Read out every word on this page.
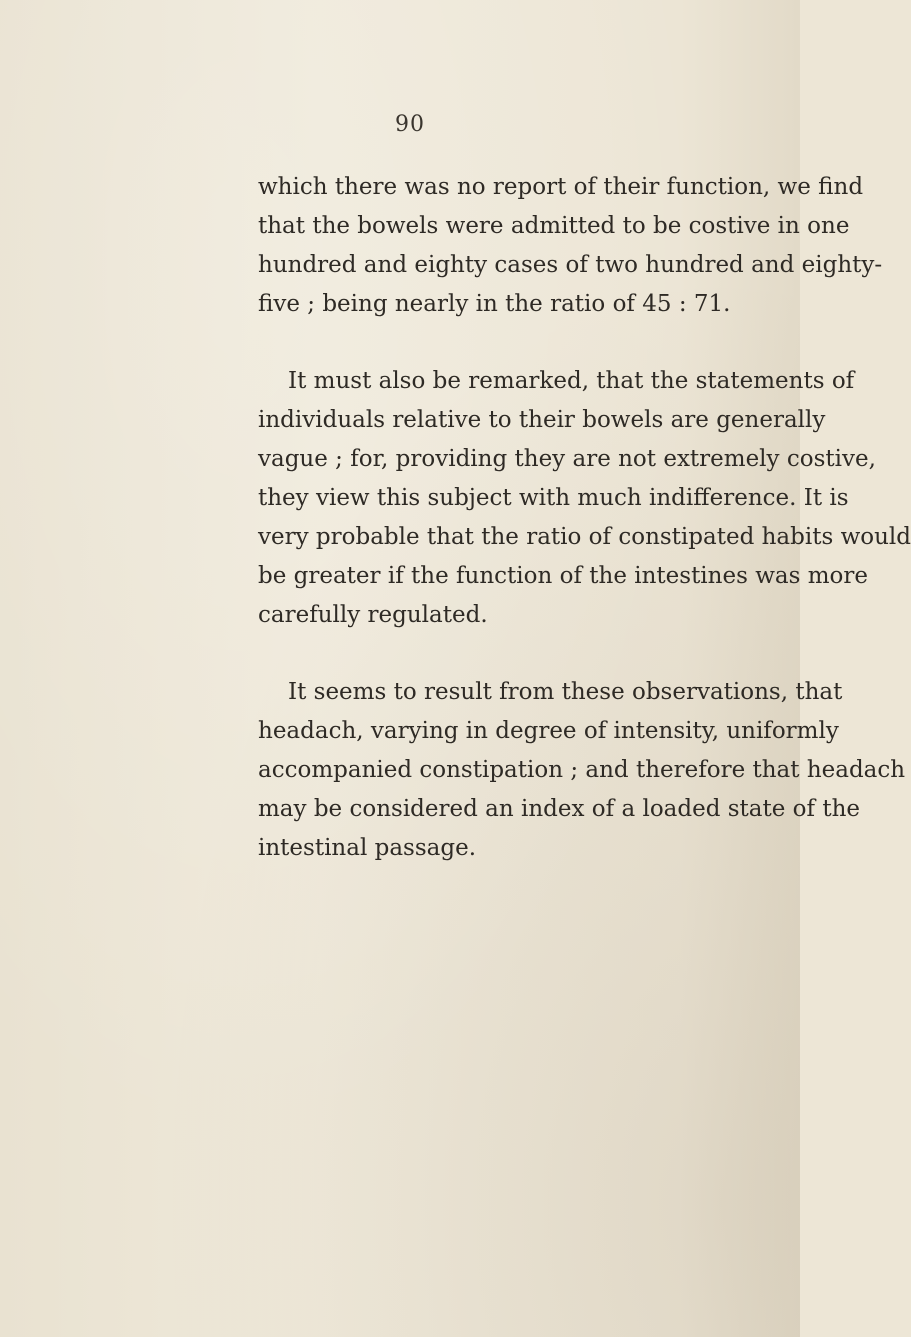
90
which there was no report of their function, we find
that the bowels were admitted to be costive in one
hundred and eighty cases of two hundred and eighty-
five ; being nearly in the ratio of 45 : 71.
It must also be remarked, that the statements of
individuals relative to their bowels are generally
vague ; for, providing they are not extremely costive,
they view this subject with much indifference. It is
very probable that the ratio of constipated habits would
be greater if the function of the intestines was more
carefully regulated.
It seems to result from these observations, that
headach, varying in degree of intensity, uniformly
accompanied constipation ; and therefore that headach
may be considered an index of a loaded state of the
intestinal passage.
